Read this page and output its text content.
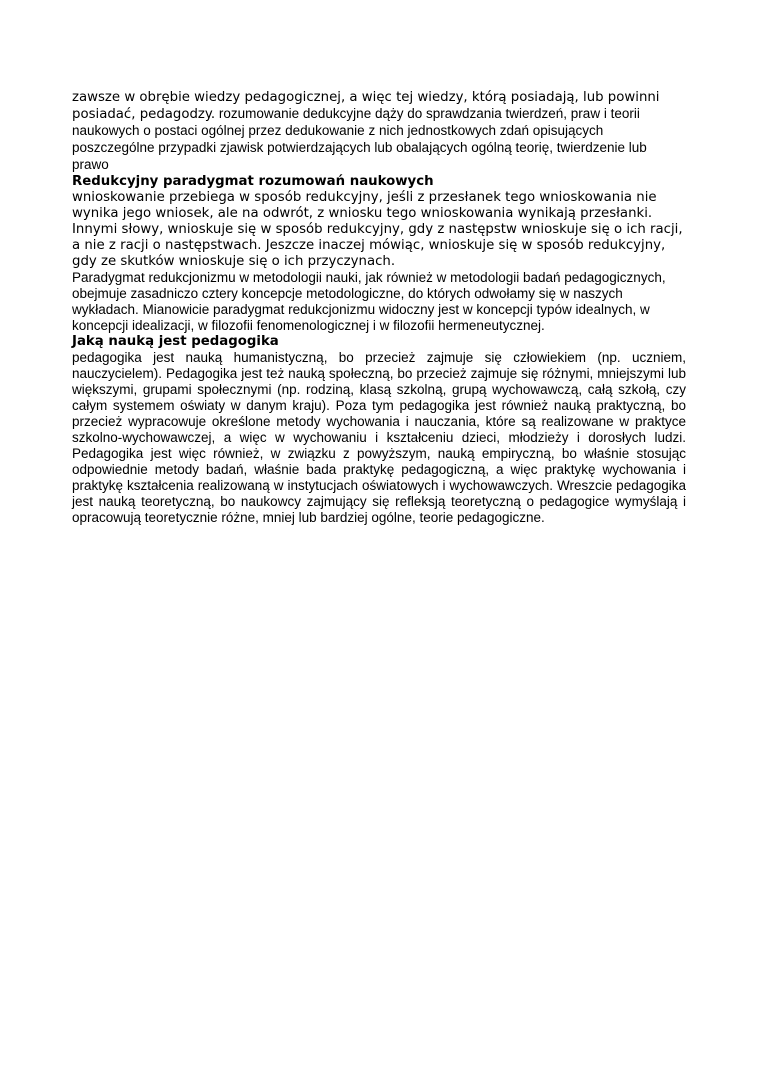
zawsze w obrębie wiedzy pedagogicznej, a więc tej wiedzy, którą posiadają, lub powinni posiadać, pedagodzy. rozumowanie dedukcyjne dąży do sprawdzania twierdzeń, praw i teorii naukowych o postaci ogólnej przez dedukowanie z nich jednostkowych zdań opisujących poszczególne przypadki zjawisk potwierdzających lub obalających ogólną teorię, twierdzenie lub prawo

Redukcyjny paradygmat rozumowań naukowych

wnioskowanie przebiega w sposób redukcyjny, jeśli z przesłanek tego wnioskowania nie wynika jego wniosek, ale na odwrót, z wniosku tego wnioskowania wynikają przesłanki. Innymi słowy, wnioskuje się w sposób redukcyjny, gdy z następstw wnioskuje się o ich racji, a nie z racji o następstwach. Jeszcze inaczej mówiąc, wnioskuje się w sposób redukcyjny, gdy ze skutków wnioskuje się o ich przyczynach.

Paradygmat redukcjonizmu w metodologii nauki, jak również w metodologii badań pedagogicznych, obejmuje zasadniczo cztery koncepcje metodologiczne, do których odwołamy się w naszych wykładach. Mianowicie paradygmat redukcjonizmu widoczny jest w koncepcji typów idealnych, w koncepcji idealizacji, w filozofii fenomenologicznej i w filozofii hermeneutycznej.

Jaką nauką jest pedagogika

pedagogika jest nauką humanistyczną, bo przecież zajmuje się człowiekiem (np. uczniem, nauczycielem). Pedagogika jest też nauką społeczną, bo przecież zajmuje się różnymi, mniejszymi lub większymi, grupami społecznymi (np. rodziną, klasą szkolną, grupą wychowawczą, całą szkołą, czy całym systemem oświaty w danym kraju). Poza tym pedagogika jest również nauką praktyczną, bo przecież wypracowuje określone metody wychowania i nauczania, które są realizowane w praktyce szkolno-wychowawczej, a więc w wychowaniu i kształceniu dzieci, młodzieży i dorosłych ludzi. Pedagogika jest więc również, w związku z powyższym, nauką empiryczną, bo właśnie stosując odpowiednie metody badań, właśnie bada praktykę pedagogiczną, a więc praktykę wychowania i praktykę kształcenia realizowaną w instytucjach oświatowych i wychowawczych. Wreszcie pedagogika jest nauką teoretyczną, bo naukowcy zajmujący się refleksją teoretyczną o pedagogice wymyślają i opracowują teoretycznie różne, mniej lub bardziej ogólne, teorie pedagogiczne.
